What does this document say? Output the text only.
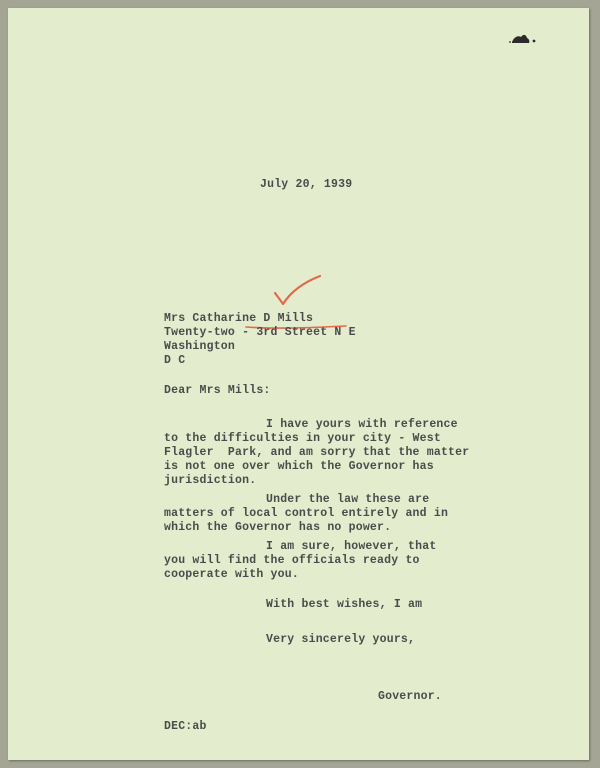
July 20, 1939
Mrs Catharine D Mills
Twenty-two - 3rd Street N E
Washington
D C
Dear Mrs Mills:
I have yours with reference
to the difficulties in your city - West
Flagler  Park, and am sorry that the matter
is not one over which the Governor has
jurisdiction.
Under the law these are
matters of local control entirely and in
which the Governor has no power.
I am sure, however, that
you will find the officials ready to
cooperate with you.
With best wishes, I am
Very sincerely yours,
Governor.
DEC:ab
